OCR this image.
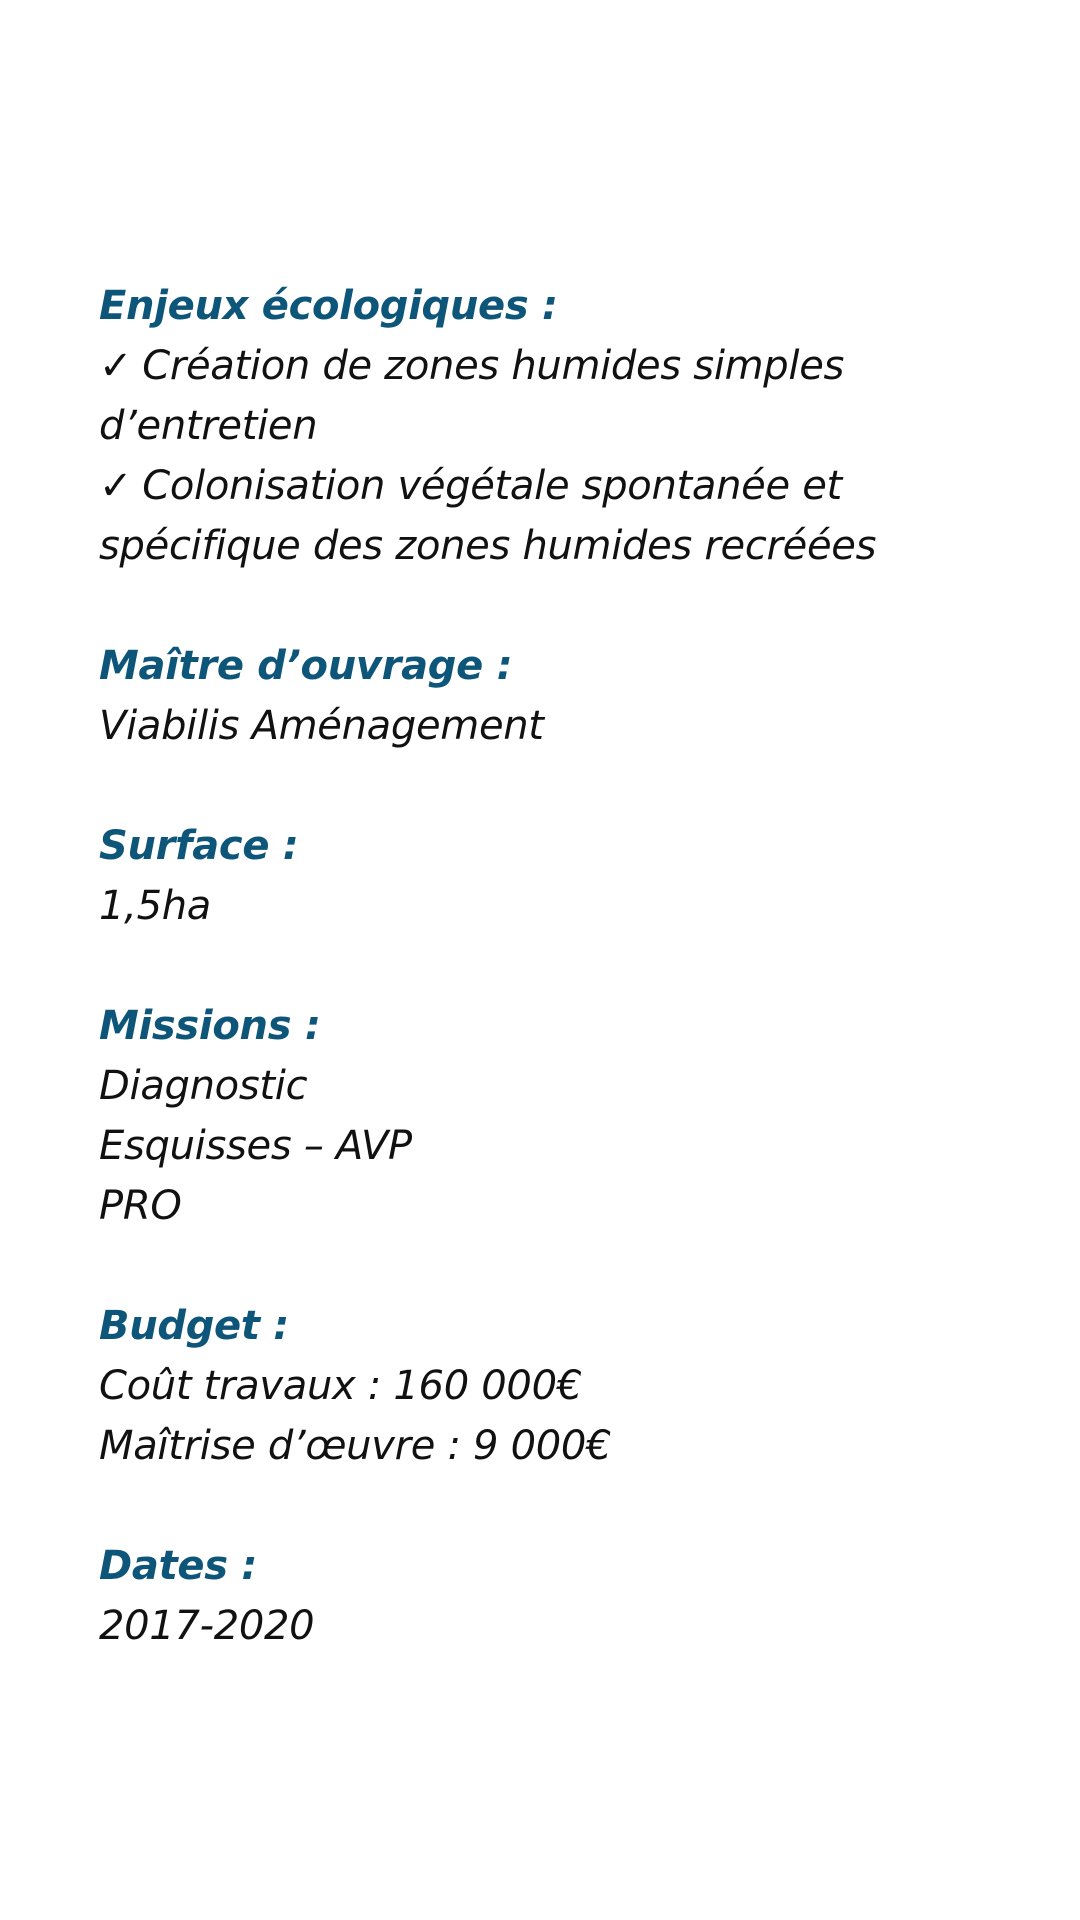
Enjeux écologiques :
✓ Création de zones humides simples
d’entretien
✓ Colonisation végétale spontanée et
spécifique des zones humides recréées
Maître d’ouvrage :
Viabilis Aménagement
Surface :
1,5ha
Missions :
Diagnostic
Esquisses – AVP
PRO
Budget :
Coût travaux : 160 000€
Maîtrise d’œuvre : 9 000€
Dates :
2017-2020
